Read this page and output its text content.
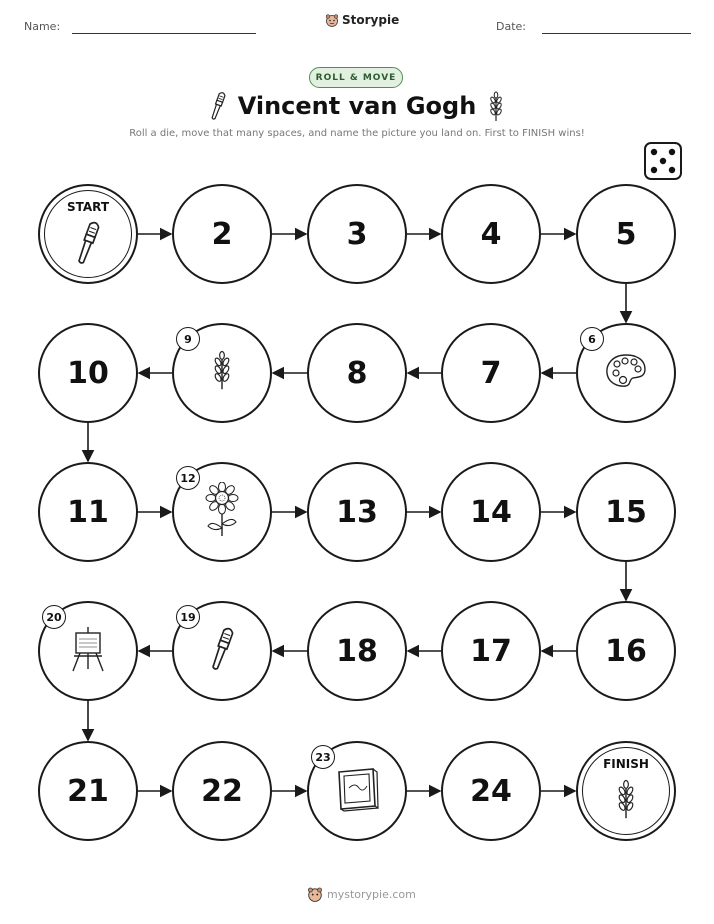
Name:	Storypie	Date:
ROLL & MOVE
Vincent van Gogh
Roll a die, move that many spaces, and name the picture you land on. First to FINISH wins!
START
2	3	4	5
6
7
8
9
10
11
12
13	14	15
16
17
18
19
20
21	22
23
24
FINISH
mystorypie.com
